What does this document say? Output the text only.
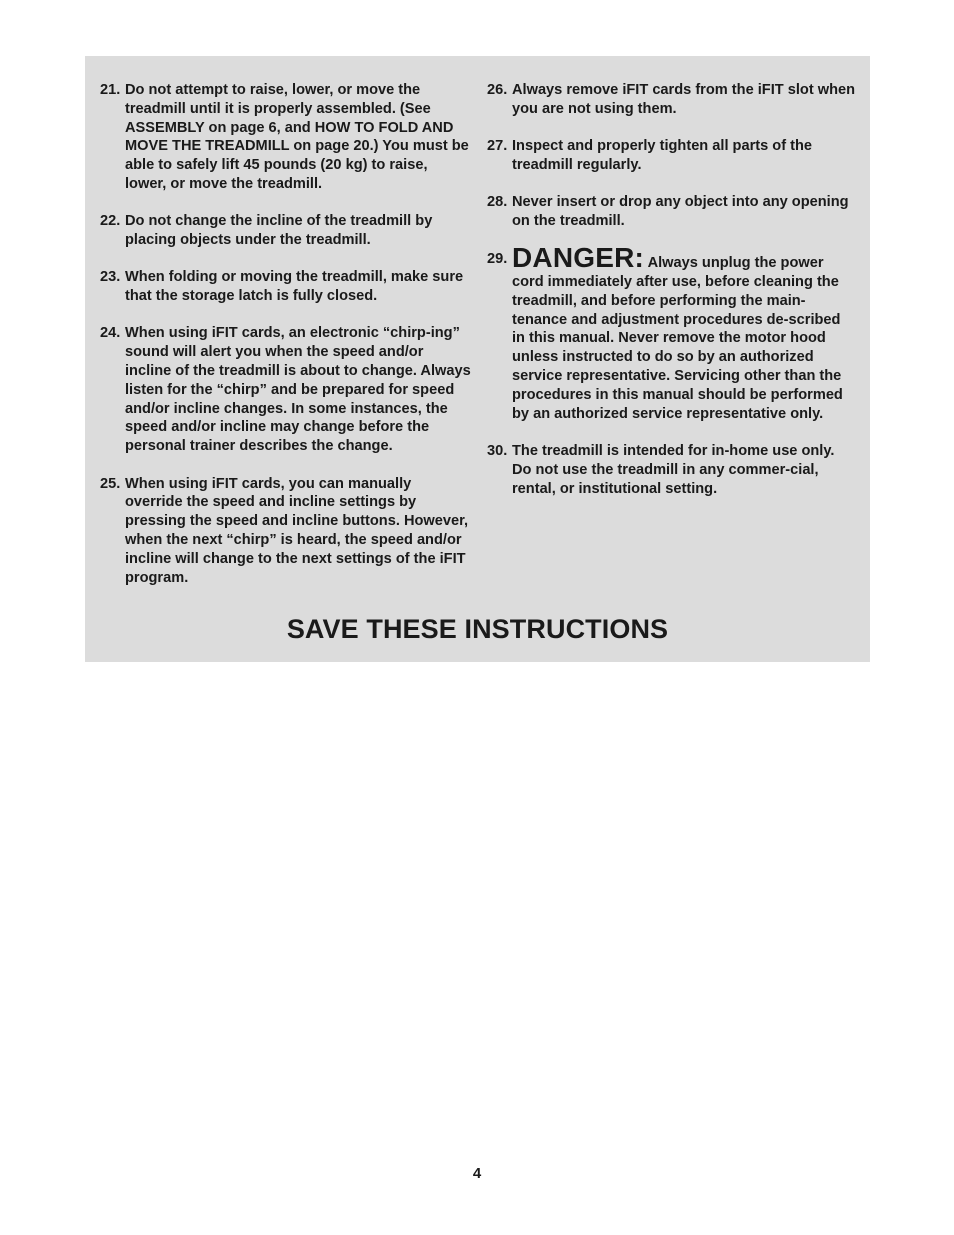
21. Do not attempt to raise, lower, or move the treadmill until it is properly assembled. (See ASSEMBLY on page 6, and HOW TO FOLD AND MOVE THE TREADMILL on page 20.) You must be able to safely lift 45 pounds (20 kg) to raise, lower, or move the treadmill.
22. Do not change the incline of the treadmill by placing objects under the treadmill.
23. When folding or moving the treadmill, make sure that the storage latch is fully closed.
24. When using iFIT cards, an electronic “chirp-ing” sound will alert you when the speed and/or incline of the treadmill is about to change. Always listen for the “chirp” and be prepared for speed and/or incline changes. In some instances, the speed and/or incline may change before the personal trainer describes the change.
25. When using iFIT cards, you can manually override the speed and incline settings by pressing the speed and incline buttons. However, when the next “chirp” is heard, the speed and/or incline will change to the next settings of the iFIT program.
26. Always remove iFIT cards from the iFIT slot when you are not using them.
27. Inspect and properly tighten all parts of the treadmill regularly.
28. Never insert or drop any object into any opening on the treadmill.
29. DANGER: Always unplug the power cord immediately after use, before cleaning the treadmill, and before performing the main-tenance and adjustment procedures de-scribed in this manual. Never remove the motor hood unless instructed to do so by an authorized service representative. Servicing other than the procedures in this manual should be performed by an authorized service representative only.
30. The treadmill is intended for in-home use only. Do not use the treadmill in any commer-cial, rental, or institutional setting.
SAVE THESE INSTRUCTIONS
4
